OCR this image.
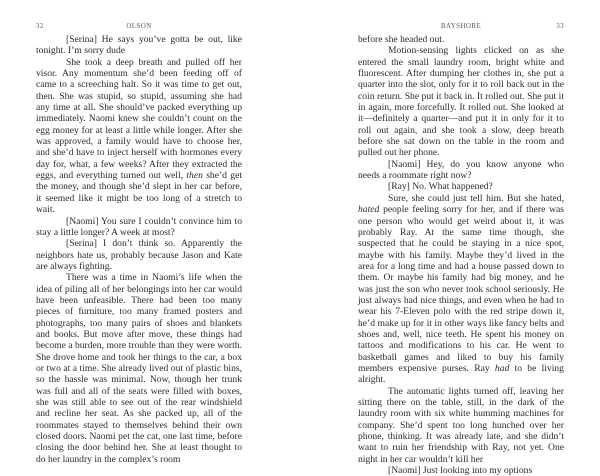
32	OLSON

[Serina] He says you’ve gotta be out, like tonight. I’m sorry dude

She took a deep breath and pulled off her visor. Any momentum she’d been feeding off of came to a screeching halt. So it was time to get out, then. She was stupid, so stupid, assuming she had any time at all. She should’ve packed everything up immediately. Naomi knew she couldn’t count on the egg money for at least a little while longer. After she was approved, a family would have to choose her, and she’d have to inject herself with hormones every day for, what, a few weeks? After they extracted the eggs, and everything turned out well, then she’d get the money, and though she’d slept in her car before, it seemed like it might be too long of a stretch to wait.

[Naomi] You sure I couldn’t convince him to stay a little longer? A week at most?

[Serina] I don’t think so. Apparently the neighbors hate us, probably because Jason and Kate are always fighting.

There was a time in Naomi’s life when the idea of piling all of her belongings into her car would have been unfeasible. There had been too many pieces of furniture, too many framed posters and photographs, too many pairs of shoes and blankets and books. But move after move, these things had become a burden, more trouble than they were worth. She drove home and took her things to the car, a box or two at a time. She already lived out of plastic bins, so the hassle was minimal. Now, though her trunk was full and all of the seats were filled with boxes, she was still able to see out of the rear windshield and recline her seat. As she packed up, all of the roommates stayed to themselves behind their own closed doors. Naomi pet the cat, one last time, before closing the door behind her. She at least thought to do her laundry in the complex’s room

BAYSHORE	33

before she headed out.

Motion-sensing lights clicked on as she entered the small laundry room, bright white and fluorescent. After dumping her clothes in, she put a quarter into the slot, only for it to roll back out in the coin return. She put it back in. It rolled out. She put it in again, more forcefully. It rolled out. She looked at it—definitely a quarter—and put it in only for it to roll out again, and she took a slow, deep breath before she sat down on the table in the room and pulled out her phone.

[Naomi] Hey, do you know anyone who needs a roommate right now?

[Ray] No. What happened?

Sure, she could just tell him. But she hated, hated people feeling sorry for her, and if there was one person who would get weird about it, it was probably Ray. At the same time though, she suspected that he could be staying in a nice spot, maybe with his family. Maybe they’d lived in the area for a long time and had a house passed down to them. Or maybe his family had big money, and he was just the son who never took school seriously. He just always had nice things, and even when he had to wear his 7-Eleven polo with the red stripe down it, he’d make up for it in other ways like fancy belts and shoes and, well, nice teeth. He spent his money on tattoos and modifications to his car. He went to basketball games and liked to buy his family members expensive purses. Ray had to be living alright.

The automatic lights turned off, leaving her sitting there on the table, still, in the dark of the laundry room with six white humming machines for company. She’d spent too long hunched over her phone, thinking. It was already late, and she didn’t want to ruin her friendship with Ray, not yet. One night in her car wouldn’t kill her

[Naomi] Just looking into my options
